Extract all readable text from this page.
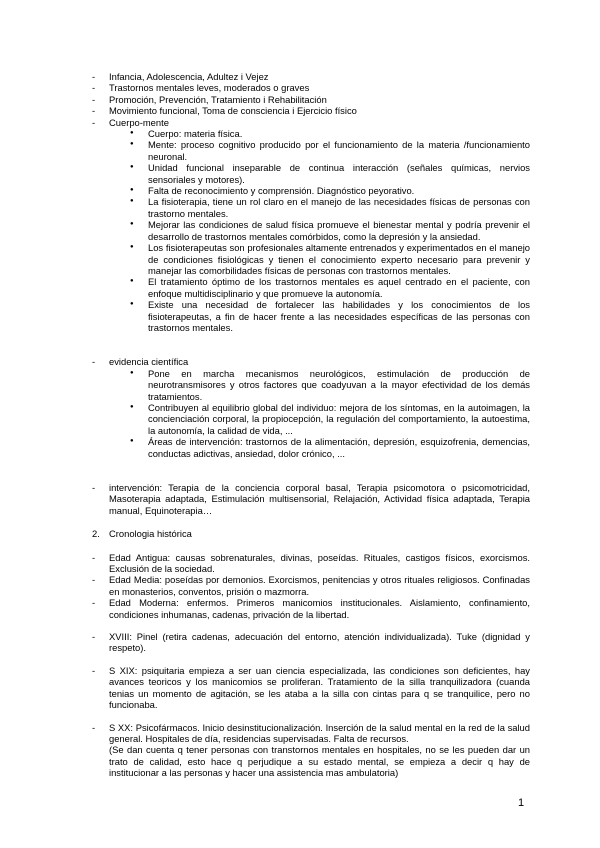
- Infancia, Adolescencia, Adultez i Vejez
- Trastornos mentales leves, moderados o graves
- Promoción, Prevención, Tratamiento i Rehabilitación
- Movimiento funcional, Toma de consciencia i Ejercicio físico
- Cuerpo-mente
● Cuerpo: materia física.
● Mente: proceso cognitivo producido por el funcionamiento de la materia /funcionamiento neuronal.
● Unidad funcional inseparable de continua interacción (señales químicas, nervios sensoriales y motores).
● Falta de reconocimiento y comprensión. Diagnóstico peyorativo.
● La fisioterapia, tiene un rol claro en el manejo de las necesidades físicas de personas con trastorno mentales.
● Mejorar las condiciones de salud física promueve el bienestar mental y podría prevenir el desarrollo de trastornos mentales comórbidos, como la depresión y la ansiedad.
● Los fisioterapeutas son profesionales altamente entrenados y experimentados en el manejo de condiciones fisiológicas y tienen el conocimiento experto necesario para prevenir y manejar las comorbilidades físicas de personas con trastornos mentales.
● El tratamiento óptimo de los trastornos mentales es aquel centrado en el paciente, con enfoque multidisciplinario y que promueve la autonomía.
● Existe una necesidad de fortalecer las habilidades y los conocimientos de los fisioterapeutas, a fin de hacer frente a las necesidades específicas de las personas con trastornos mentales.
- evidencia científica
● Pone en marcha mecanismos neurológicos, estimulación de producción de neurotransmisores y otros factores que coadyuvan a la mayor efectividad de los demás tratamientos.
● Contribuyen al equilibrio global del individuo: mejora de los síntomas, en la autoimagen, la concienciación corporal, la propiocepción, la regulación del comportamiento, la autoestima, la autonomía, la calidad de vida, ...
● Áreas de intervención: trastornos de la alimentación, depresión, esquizofrenia, demencias, conductas adictivas, ansiedad, dolor crónico, ...
- intervención: Terapia de la conciencia corporal basal, Terapia psicomotora o psicomotricidad, Masoterapia adaptada, Estimulación multisensorial, Relajación, Actividad física adaptada, Terapia manual, Equinoterapia…
2. Cronologia histórica
- Edad Antigua: causas sobrenaturales, divinas, poseídas. Rituales, castigos físicos, exorcismos. Exclusión de la sociedad.
- Edad Media: poseídas por demonios. Exorcismos, penitencias y otros rituales religiosos. Confinadas en monasterios, conventos, prisión o mazmorra.
- Edad Moderna: enfermos. Primeros manicomios institucionales. Aislamiento, confinamiento, condiciones inhumanas, cadenas, privación de la libertad.
- XVIII: Pinel (retira cadenas, adecuación del entorno, atención individualizada). Tuke (dignidad y respeto).
- S XIX: psiquitaria empieza a ser uan ciencia especializada, las condiciones son deficientes, hay avances teoricos y los manicomios se proliferan. Tratamiento de la silla tranquilizadora (cuanda tenias un momento de agitación, se les ataba a la silla con cintas para q se tranquilice, pero no funcionaba.
- S XX: Psicofármacos. Inicio desinstitucionalización. Inserción de la salud mental en la red de la salud general. Hospitales de día, residencias supervisadas. Falta de recursos.
(Se dan cuenta q tener personas con transtornos mentales en hospitales, no se les pueden dar un trato de calidad, esto hace q perjudique a su estado mental, se empieza a decir q hay de institucionar a las personas y hacer una assistencia mas ambulatoria)
1
